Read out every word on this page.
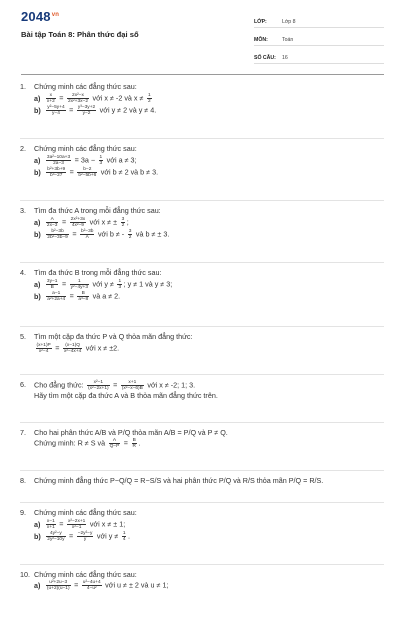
$2048^{vn}$
Bài tập Toán 8: Phân thức đại số
LỚP:	Lớp 8
MÔN:	Toán
SỐ CÂU: 16
1.	Chứng minh các đẳng thức sau:
$a) \frac{x}{x+2} = \frac{\text{2x²−x}}{\text{2x²+3x−2}}$ với x ≠ -2 và $x \ne \frac{1}{2}$
$b) \frac{\text{y²−5y+4}}{y-4} = \frac{\text{y³−3y+2}}{y-2}$ với y ≠ 2 và y ≠ 4.
2.	Chứng minh các đẳng thức sau:
$a) \frac{\text{3a²−10a+3}}{2a-3} = 3a - \frac{1}{3}$ với a ≠ 3;
$b) \frac{\text{b²+3b+9}}{\text{b³−27}} = \frac{b-2}{\text{b²−5b+6}}$ với b ≠ 2 và b ≠ 3.
3.	Tìm đa thức A trong mỗi đẳng thức sau:
$a) \frac{A}{2x-3} = \frac{\text{2x²+3x}}{\text{4x²−9}}$ với x ≠ ± $\frac{3}{2}$ ;
$b) \frac{\text{b²−3b}}{\text{2b²−3b−9}} = \frac{\text{b²−3b}}{A}$ với b ≠ - $\frac{3}{2}$ và b ≠ ± 3.
4.	Tìm đa thức B trong mỗi đẳng thức sau:
$a) \frac{3y-1}{B} = \frac{1}{\text{y²−4y+3}}$ với $y \ne \frac{1}{3}$ ; y ≠ 1 và y ≠ 3;
$b) \frac{a-1}{\text{a²+2a+4}} = \frac{B}{\text{a³−8}}$ và a ≠ 2.
5.	Tìm một cặp đa thức P và Q thỏa mãn đẳng thức:
$\frac{(x+1)P}{\text{x²−4}} = \frac{(x-1)Q}{\text{x²−4x+4}}$ với x ≠ ±2.
6.	Cho đẳng thức: $\frac{\text{x²−1}}{\text{(x²−2x+1)}} = \frac{x+1}{\text{(x²−x−6)B}}$ với x ≠ -2; 1; 3.
Hãy tìm một cặp đa thức A và B thỏa mãn đẳng thức trên.
7.	Cho hai phân thức A/B và P/Q thỏa mãn A/B = P/Q và P ≠ Q.
Chứng minh: R ≠ S và $\frac{A}{Q-P} = \frac{B}{R}$ .
8.	Chứng minh đẳng thức P−Q/Q = R−S/S và hai phân thức P/Q và R/S thỏa mãn P/Q = R/S.
9.	Chứng minh các đẳng thức sau:
$a) \frac{x-1}{x+1} = \frac{\text{x²−2x+1}}{\text{x²−1}}$ với x ≠ ± 1;
$b) \frac{\text{4y²−y}}{\text{2y²−10y}} = \frac{\text{−2y²−y}}{y}$ với $y \ne \frac{1}{4}$ .
10. Chứng minh các đẳng thức sau:
$a) \frac{\text{u²+2u−3}}{(u+2)(u-1)} = \frac{\text{u²−4u+4}}{\text{4−u²}}$ với u ≠ ± 2 và u ≠ 1;
